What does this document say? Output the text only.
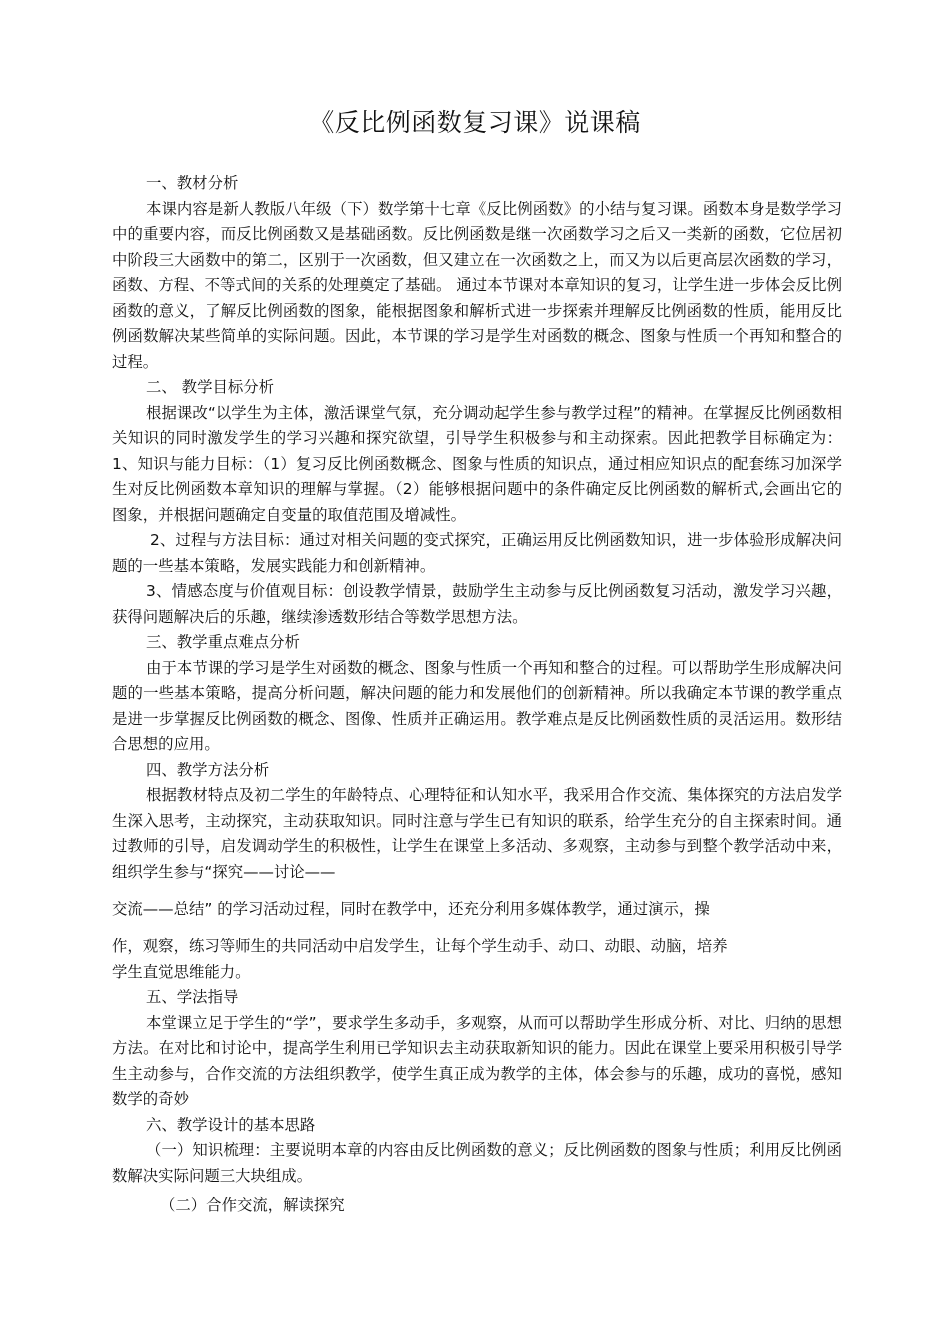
《反比例函数复习课》说课稿

一、教材分析

本课内容是新人教版八年级（下）数学第十七章《反比例函数》的小结与复习课。函数本身是数学学习中的重要内容，而反比例函数又是基础函数。反比例函数是继一次函数学习之后又一类新的函数，它位居初中阶段三大函数中的第二，区别于一次函数，但又建立在一次函数之上，而又为以后更高层次函数的学习，函数、方程、不等式间的关系的处理奠定了基础。 通过本节课对本章知识的复习，让学生进一步体会反比例函数的意义，了解反比例函数的图象，能根据图象和解析式进一步探索并理解反比例函数的性质，能用反比例函数解决某些简单的实际问题。因此，本节课的学习是学生对函数的概念、图象与性质一个再知和整合的过程。

二、 教学目标分析

根据课改“以学生为主体，激活课堂气氛，充分调动起学生参与教学过程”的精神。在掌握反比例函数相关知识的同时激发学生的学习兴趣和探究欲望，引导学生积极参与和主动探索。因此把教学目标确定为：1、知识与能力目标：（1）复习反比例函数概念、图象与性质的知识点，通过相应知识点的配套练习加深学生对反比例函数本章知识的理解与掌握。（2）能够根据问题中的条件确定反比例函数的解析式,会画出它的图象，并根据问题确定自变量的取值范围及增减性。

2、过程与方法目标：通过对相关问题的变式探究，正确运用反比例函数知识，进一步体验形成解决问题的一些基本策略，发展实践能力和创新精神。

3、情感态度与价值观目标：创设教学情景，鼓励学生主动参与反比例函数复习活动，激发学习兴趣，获得问题解决后的乐趣，继续渗透数形结合等数学思想方法。

三、教学重点难点分析

由于本节课的学习是学生对函数的概念、图象与性质一个再知和整合的过程。可以帮助学生形成解决问题的一些基本策略，提高分析问题，解决问题的能力和发展他们的创新精神。所以我确定本节课的教学重点是进一步掌握反比例函数的概念、图像、性质并正确运用。教学难点是反比例函数性质的灵活运用。数形结合思想的应用。

四、教学方法分析

根据教材特点及初二学生的年龄特点、心理特征和认知水平，我采用合作交流、集体探究的方法启发学生深入思考，主动探究，主动获取知识。同时注意与学生已有知识的联系，给学生充分的自主探索时间。通过教师的引导，启发调动学生的积极性，让学生在课堂上多活动、多观察，主动参与到整个教学活动中来，组织学生参与“探究——讨论——

交流——总结” 的学习活动过程，同时在教学中，还充分利用多媒体教学，通过演示，操

作，观察，练习等师生的共同活动中启发学生，让每个学生动手、动口、动眼、动脑，培养

学生直觉思维能力。

五、学法指导

本堂课立足于学生的“学”，要求学生多动手，多观察，从而可以帮助学生形成分析、对比、归纳的思想方法。在对比和讨论中，提高学生利用已学知识去主动获取新知识的能力。因此在课堂上要采用积极引导学生主动参与，合作交流的方法组织教学，使学生真正成为教学的主体，体会参与的乐趣，成功的喜悦，感知数学的奇妙

六、教学设计的基本思路

（一）知识梳理：主要说明本章的内容由反比例函数的意义；反比例函数的图象与性质；利用反比例函数解决实际问题三大块组成。

（二）合作交流，解读探究
